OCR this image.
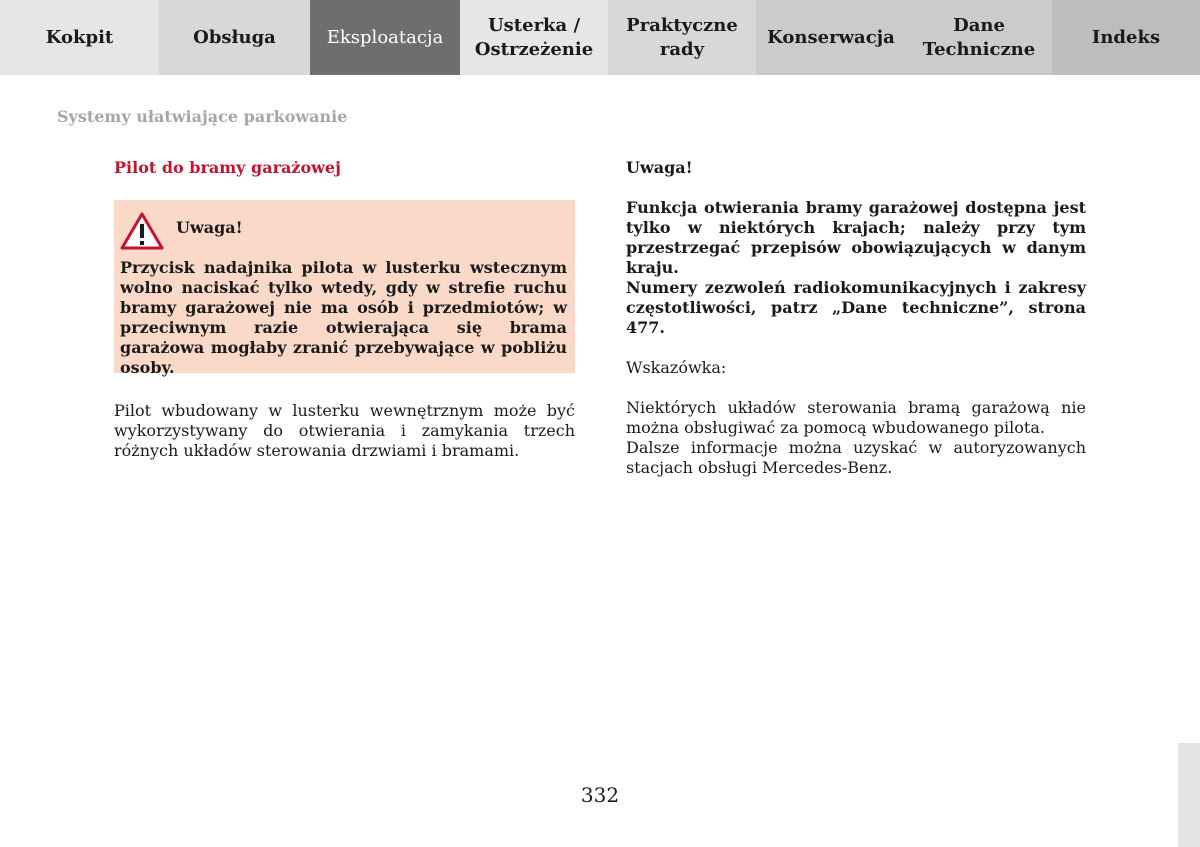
Kokpit	Obsługa	Eksploatacja
Usterka /
Ostrzeżenie
Praktyczne
rady
Konserwacja
Dane
Techniczne
Indeks
Systemy ułatwiające parkowanie
Pilot do bramy garażowej
Uwaga!
Przycisk nadajnika pilota w lusterku wstecznym wolno naciskać tylko wtedy, gdy w strefie ruchu bramy garażowej nie ma osób i przedmiotów; w przeciwnym razie otwierająca się brama garażowa mogłaby zranić przebywające w pobliżu osoby.
Pilot wbudowany w lusterku wewnętrznym może być wykorzystywany do otwierania i zamykania trzech różnych układów sterowania drzwiami i bramami.
Uwaga!
Funkcja otwierania bramy garażowej dostępna jest tylko w niektórych krajach; należy przy tym przestrzegać przepisów obowiązujących w danym kraju.
Numery zezwoleń radiokomunikacyjnych i zakresy częstotliwości, patrz „Dane techniczne”, strona 477.
Wskazówka:
Niektórych układów sterowania bramą garażową nie można obsługiwać za pomocą wbudowanego pilota.
Dalsze informacje można uzyskać w autoryzowanych stacjach obsługi Mercedes-Benz.
332
